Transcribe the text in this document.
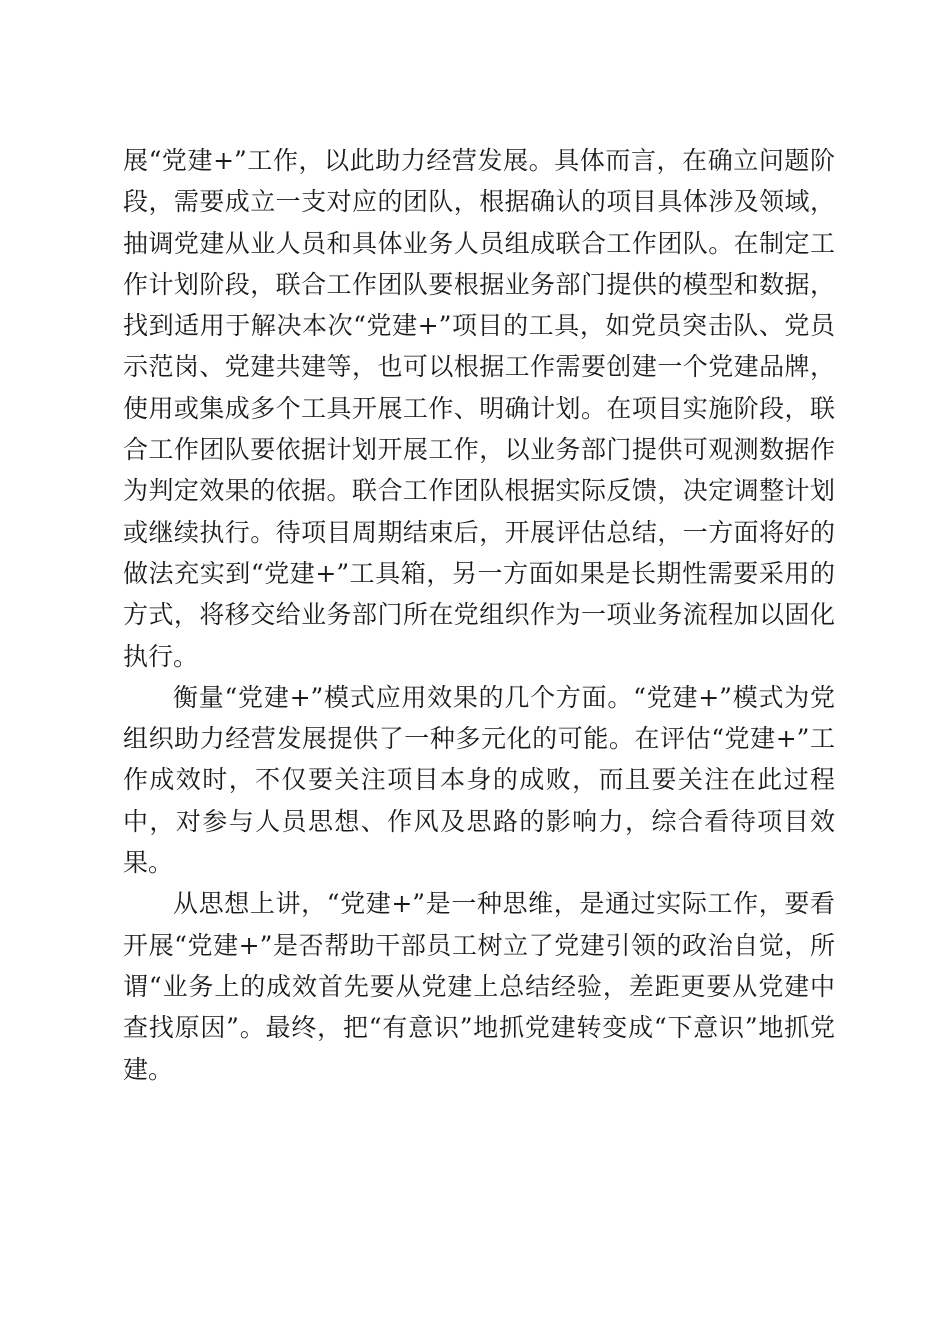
展“党建+”工作，以此助力经营发展。具体而言，在确立问题阶段，需要成立一支对应的团队，根据确认的项目具体涉及领域，抽调党建从业人员和具体业务人员组成联合工作团队。在制定工作计划阶段，联合工作团队要根据业务部门提供的模型和数据，找到适用于解决本次“党建+”项目的工具，如党员突击队、党员示范岗、党建共建等，也可以根据工作需要创建一个党建品牌，使用或集成多个工具开展工作、明确计划。在项目实施阶段，联合工作团队要依据计划开展工作，以业务部门提供可观测数据作为判定效果的依据。联合工作团队根据实际反馈，决定调整计划或继续执行。待项目周期结束后，开展评估总结，一方面将好的做法充实到“党建+”工具箱，另一方面如果是长期性需要采用的方式，将移交给业务部门所在党组织作为一项业务流程加以固化执行。

衡量“党建+”模式应用效果的几个方面。“党建+”模式为党组织助力经营发展提供了一种多元化的可能。在评估“党建+”工作成效时，不仅要关注项目本身的成败，而且要关注在此过程中，对参与人员思想、作风及思路的影响力，综合看待项目效果。

从思想上讲，“党建+”是一种思维，是通过实际工作，要看开展“党建+”是否帮助干部员工树立了党建引领的政治自觉，所谓“业务上的成效首先要从党建上总结经验，差距更要从党建中查找原因”。最终，把“有意识”地抓党建转变成“下意识”地抓党建。
